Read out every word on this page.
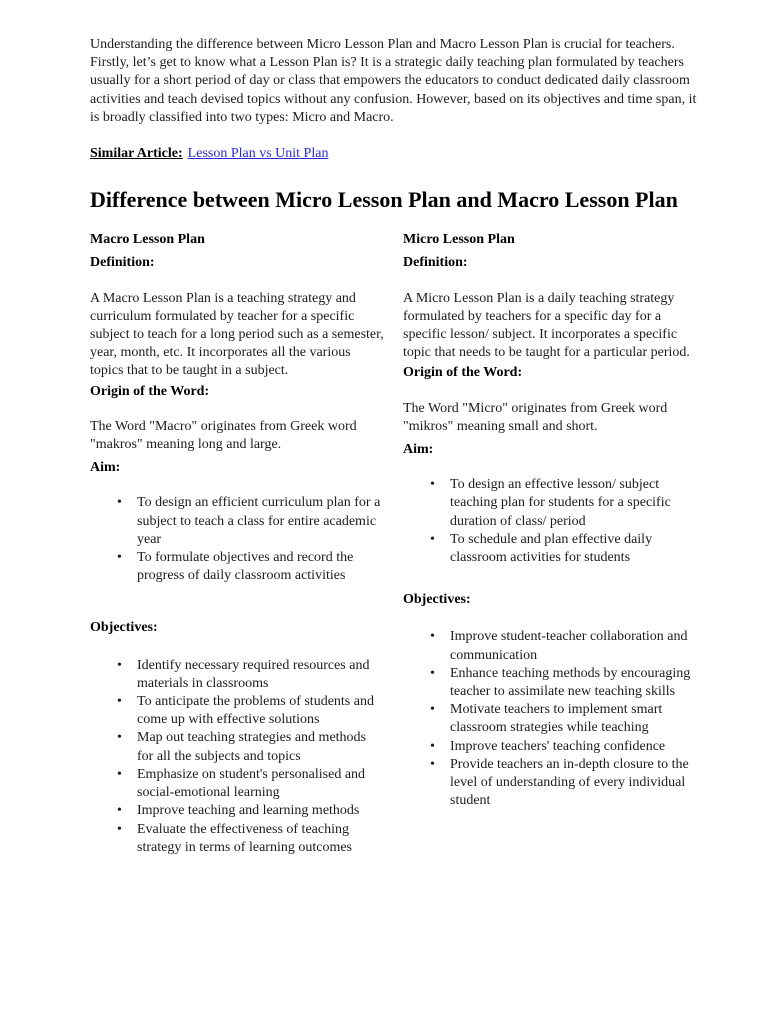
Understanding the difference between Micro Lesson Plan and Macro Lesson Plan is crucial for teachers. Firstly, let’s get to know what a Lesson Plan is? It is a strategic daily teaching plan formulated by teachers usually for a short period of day or class that empowers the educators to conduct dedicated daily classroom activities and teach devised topics without any confusion. However, based on its objectives and time span, it is broadly classified into two types: Micro and Macro.

Similar Article: Lesson Plan vs Unit Plan

Difference between Micro Lesson Plan and Macro Lesson Plan
Macro Lesson Plan
Definition:

A Macro Lesson Plan is a teaching strategy and curriculum formulated by teacher for a specific subject to teach for a long period such as a semester, year, month, etc. It incorporates all the various topics that to be taught in a subject.

Origin of the Word:

The Word "Macro" originates from Greek word "makros" meaning long and large.

Aim:
• To design an efficient curriculum plan for a subject to teach a class for entire academic year
• To formulate objectives and record the progress of daily classroom activities
Objectives:
• Identify necessary required resources and materials in classrooms
• To anticipate the problems of students and come up with effective solutions
• Map out teaching strategies and methods for all the subjects and topics
• Emphasize on student's personalised and social-emotional learning
• Improve teaching and learning methods
• Evaluate the effectiveness of teaching strategy in terms of learning outcomes
Micro Lesson Plan
Definition:

A Micro Lesson Plan is a daily teaching strategy formulated by teachers for a specific day for a specific lesson/ subject. It incorporates a specific topic that needs to be taught for a particular period.

Origin of the Word:

The Word "Micro" originates from Greek word "mikros" meaning small and short.

Aim:
• To design an effective lesson/ subject teaching plan for students for a specific duration of class/ period
• To schedule and plan effective daily classroom activities for students
Objectives:
• Improve student-teacher collaboration and communication
• Enhance teaching methods by encouraging teacher to assimilate new teaching skills
• Motivate teachers to implement smart classroom strategies while teaching
• Improve teachers' teaching confidence
• Provide teachers an in-depth closure to the level of understanding of every individual student
